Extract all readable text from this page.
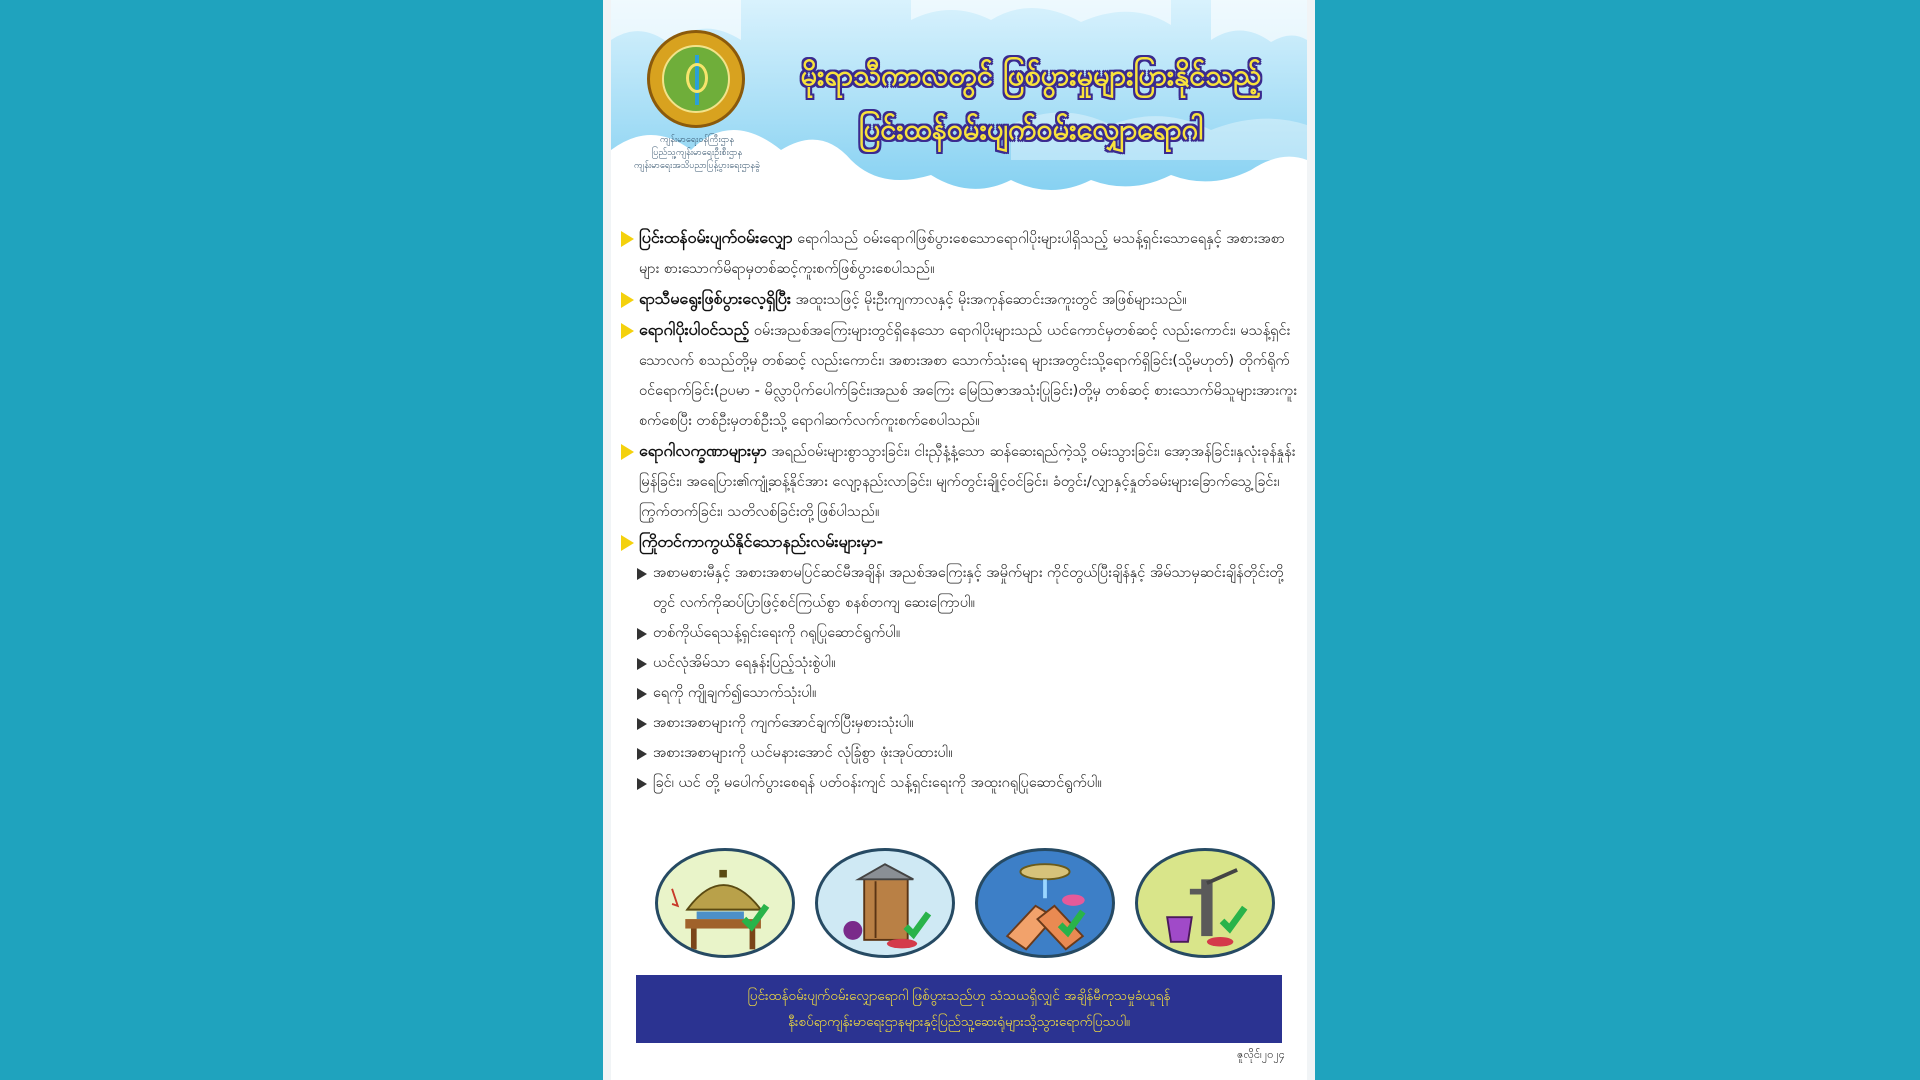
ကျန်းမာရေးဝန်ကြီးဌာန
ပြည်သူ့ကျန်းမာရေးဦးစီးဌာန
ကျန်းမာရေးအသိပညာပြန့်ပွားရေးဌာနခွဲ
မိုးရာသီကာလတွင် ဖြစ်ပွားမှုများပြားနိုင်သည့်
ပြင်းထန်ဝမ်းပျက်ဝမ်းလျှောရောဂါ
ပြင်းထန်ဝမ်းပျက်ဝမ်းလျှော ရောဂါသည် ဝမ်းရောဂါဖြစ်ပွားစေသောရောဂါပိုးများပါရှိသည့် မသန့်ရှင်းသောရေနှင့် အစားအစာများ စားသောက်မိရာမှတစ်ဆင့်ကူးစက်ဖြစ်ပွားစေပါသည်။
ရာသီမရွေးဖြစ်ပွားလေ့ရှိပြီး အထူးသဖြင့် မိုးဦးကျကာလနှင့် မိုးအကုန်ဆောင်းအကူးတွင် အဖြစ်များသည်။
ရောဂါပိုးပါဝင်သည့် ဝမ်းအညစ်အကြေးများတွင်ရှိနေသော ရောဂါပိုးများသည် ယင်ကောင်မှတစ်ဆင့် လည်းကောင်း၊ မသန့်ရှင်းသောလက် စသည်တို့မှ တစ်ဆင့် လည်းကောင်း၊ အစားအစာ သောက်သုံးရေ များအတွင်းသို့ရောက်ရှိခြင်း(သို့မဟုတ်) တိုက်ရိုက်ဝင်ရောက်ခြင်း(ဥပမာ - မိလ္လာပိုက်ပေါက်ခြင်း၊အညစ် အကြေး မြေဩဇာအသုံးပြုခြင်း)တို့မှ တစ်ဆင့် စားသောက်မိသူများအားကူးစက်စေပြီး တစ်ဦးမှတစ်ဦးသို့ ရောဂါဆက်လက်ကူးစက်စေပါသည်။
ရောဂါလက္ခဏာများမှာ အရည်ဝမ်းများစွာသွားခြင်း၊ ငါးညှီနံ့နံ့သော ဆန်ဆေးရည်ကဲ့သို့ ဝမ်းသွားခြင်း၊ အော့အန်ခြင်း၊နှလုံးခုန်နှုန်းမြန်ခြင်း၊ အရေပြား၏ကျုံ့ဆန့်နိုင်အား လျော့နည်းလာခြင်း၊ မျက်တွင်းချိုင့်ဝင်ခြင်း၊ ခံတွင်း/လျှာနှင့်နှုတ်ခမ်းများခြောက်သွေ့ခြင်း၊ ကြွက်တက်ခြင်း၊ သတိလစ်ခြင်းတို့ဖြစ်ပါသည်။
ကြိုတင်ကာကွယ်နိုင်သောနည်းလမ်းများမှာ-
အစာမစားမီနှင့် အစားအစာမပြင်ဆင်မီအချိန်၊ အညစ်အကြေးနှင့် အမှိုက်များ ကိုင်တွယ်ပြီးချိန်နှင့် အိမ်သာမှဆင်းချိန်တိုင်းတို့တွင် လက်ကိုဆပ်ပြာဖြင့်စင်ကြယ်စွာ စနစ်တကျ ဆေးကြောပါ။
တစ်ကိုယ်ရေသန့်ရှင်းရေးကို ဂရုပြုဆောင်ရွက်ပါ။
ယင်လုံအိမ်သာ ရေနှန်းပြည့်သုံးစွဲပါ။
ရေကို ကျိုချက်၍သောက်သုံးပါ။
အစားအစာများကို ကျက်အောင်ချက်ပြီးမှစားသုံးပါ။
အစားအစာများကို ယင်မနားအောင် လုံခြုံစွာ ဖုံးအုပ်ထားပါ။
ခြင်၊ ယင် တို့ မပေါက်ပွားစေရန် ပတ်ဝန်းကျင် သန့်ရှင်းရေးကို အထူးဂရုပြုဆောင်ရွက်ပါ။
ပြင်းထန်ဝမ်းပျက်ဝမ်းလျှောရောဂါ ဖြစ်ပွားသည်ဟု သံသယရှိလျှင် အချိန်မီကုသမှုခံယူရန်
နီးစပ်ရာကျန်းမာရေးဌာနများနှင့်ပြည်သူ့ဆေးရုံများသို့သွားရောက်ပြသပါ။
ဇူလိုင်၊၂၀၂၄
